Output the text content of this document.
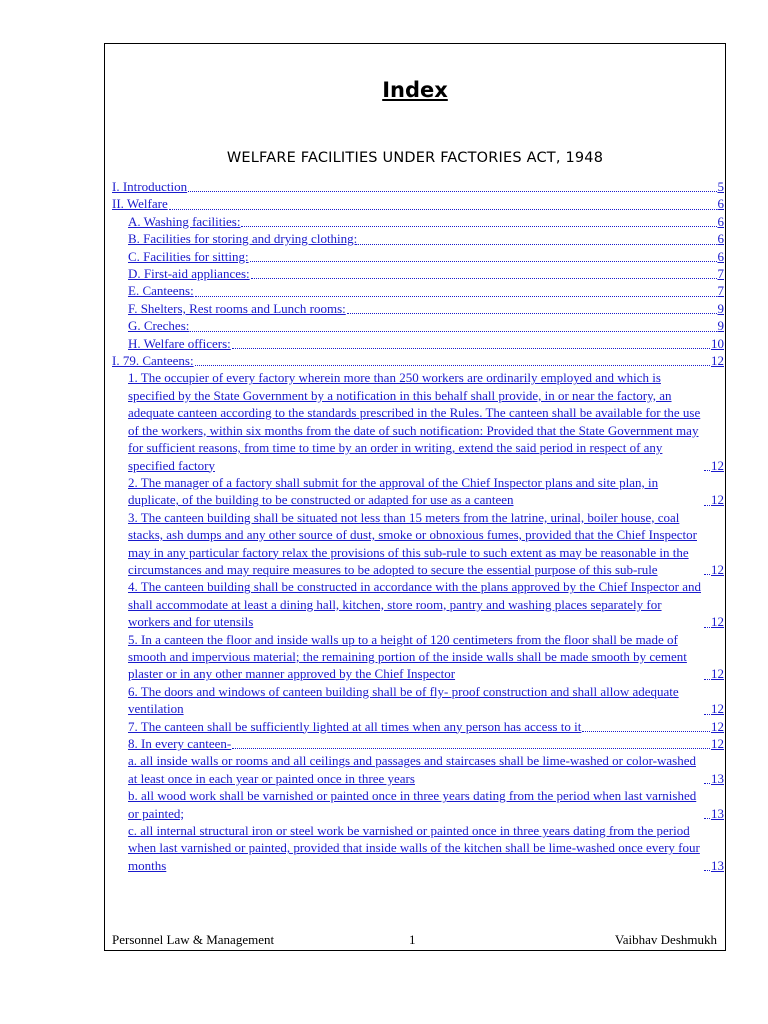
Index
WELFARE FACILITIES UNDER FACTORIES ACT, 1948
I. Introduction	5
II. Welfare	6
A. Washing facilities:	6
B. Facilities for storing and drying clothing:	6
C. Facilities for sitting:	6
D. First-aid appliances:	7
E. Canteens:	7
F. Shelters, Rest rooms and Lunch rooms:	9
G. Creches:	9
H. Welfare officers:	10
I. 79. Canteens:	12
1. The occupier of every factory wherein more than 250 workers are ordinarily employed and which is specified by the State Government by a notification in this behalf shall provide, in or near the factory, an adequate canteen according to the standards prescribed in the Rules. The canteen shall be available for the use of the workers, within six months from the date of such notification: Provided that the State Government may for sufficient reasons, from time to time by an order in writing, extend the said period in respect of any specified factory	12
2. The manager of a factory shall submit for the approval of the Chief Inspector plans and site plan, in duplicate, of the building to be constructed or adapted for use as a canteen	12
3. The canteen building shall be situated not less than 15 meters from the latrine, urinal, boiler house, coal stacks, ash dumps and any other source of dust, smoke or obnoxious fumes, provided that the Chief Inspector may in any particular factory relax the provisions of this sub-rule to such extent as may be reasonable in the circumstances and may require measures to be adopted to secure the essential purpose of this sub-rule	12
4. The canteen building shall be constructed in accordance with the plans approved by the Chief Inspector and shall accommodate at least a dining hall, kitchen, store room, pantry and washing places separately for workers and for utensils	12
5. In a canteen the floor and inside walls up to a height of 120 centimeters from the floor shall be made of smooth and impervious material; the remaining portion of the inside walls shall be made smooth by cement plaster or in any other manner approved by the Chief Inspector	12
6. The doors and windows of canteen building shall be of fly- proof construction and shall allow adequate ventilation	12
7. The canteen shall be sufficiently lighted at all times when any person has access to it	12
8. In every canteen-	12
a. all inside walls or rooms and all ceilings and passages and staircases shall be lime-washed or color-washed at least once in each year or painted once in three years	13
b. all wood work shall be varnished or painted once in three years dating from the period when last varnished or painted;	13
c. all internal structural iron or steel work be varnished or painted once in three years dating from the period when last varnished or painted, provided that inside walls of the kitchen shall be lime-washed once every four months	13
Personnel Law & Management	1	Vaibhav Deshmukh
